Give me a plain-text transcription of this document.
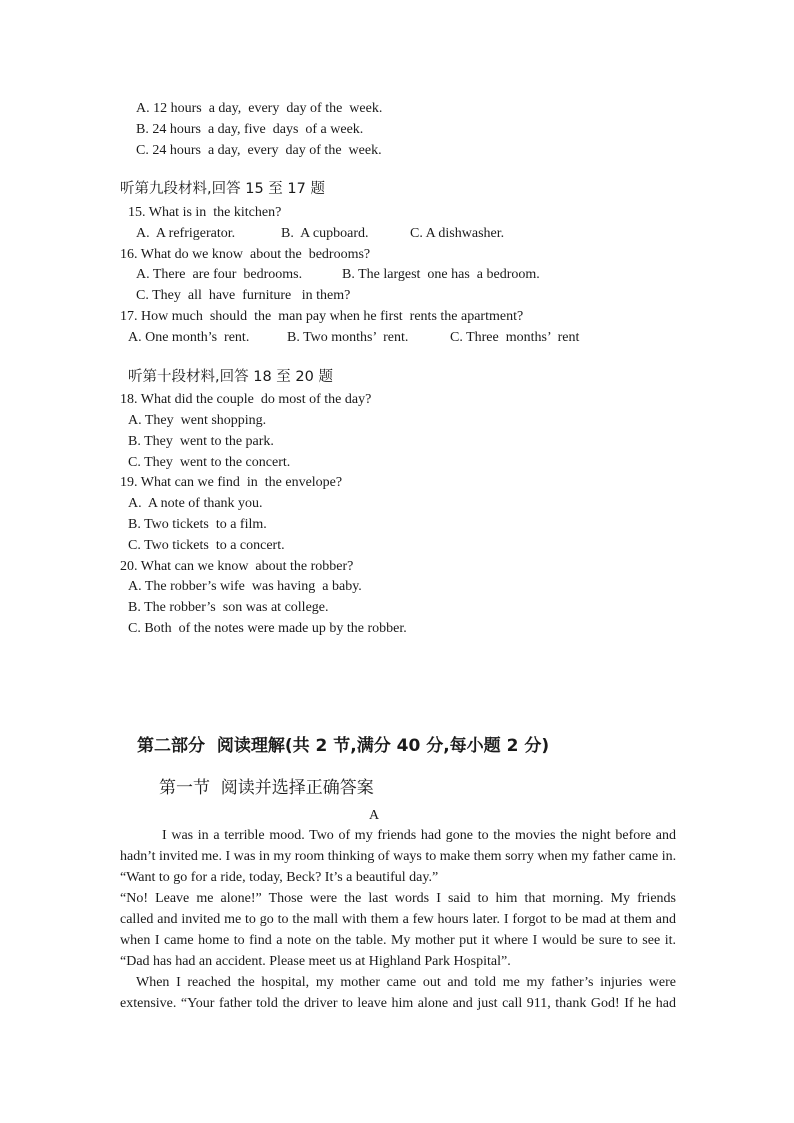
A. 12 hours  a day,  every  day of the  week.
B. 24 hours  a day, five  days  of a week.
C. 24 hours  a day,  every  day of the  week.
听第九段材料,回答 15 至 17 题
15. What is in  the kitchen?
A.  A refrigerator.	B.  A cupboard.	C. A dishwasher.
16. What do we know  about the  bedrooms?
A. There  are four  bedrooms.	B. The largest  one has  a bedroom.
C. They  all  have  furniture   in them?
17. How much  should  the  man pay when he first  rents the apartment?
A. One month’s  rent.	B. Two months’  rent.	C. Three  months’  rent
听第十段材料,回答 18 至 20 题
18. What did the couple  do most of the day?
A. They  went shopping.
B. They  went to the park.
C. They  went to the concert.
19. What can we find  in  the envelope?
A.  A note of thank you.
B. Two tickets  to a film.
C. Two tickets  to a concert.
20. What can we know  about the robber?
A. The robber’s wife  was having  a baby.
B. The robber’s  son was at college.
C. Both  of the notes were made up by the robber.
第二部分  阅读理解(共 2 节,满分 40 分,每小题 2 分)
第一节  阅读并选择正确答案
A
I was in a terrible mood. Two of my friends had gone to the movies the night before and
hadn’t invited me. I was in my room thinking of ways to make them sorry when my father came in.
“Want to go for a ride, today, Beck? It’s a beautiful day.”
“No! Leave me alone!” Those were the last words I said to him that morning. My friends
called and invited me to go to the mall with them a few hours later. I forgot to be mad at them and
when I came home to find a note on the table. My mother put it where I would be sure to see it.
“Dad has had an accident. Please meet us at Highland Park Hospital”.
When I reached the hospital, my mother came out and told me my father’s injuries were
extensive. “Your father told the driver to leave him alone and just call 911, thank God! If he had
